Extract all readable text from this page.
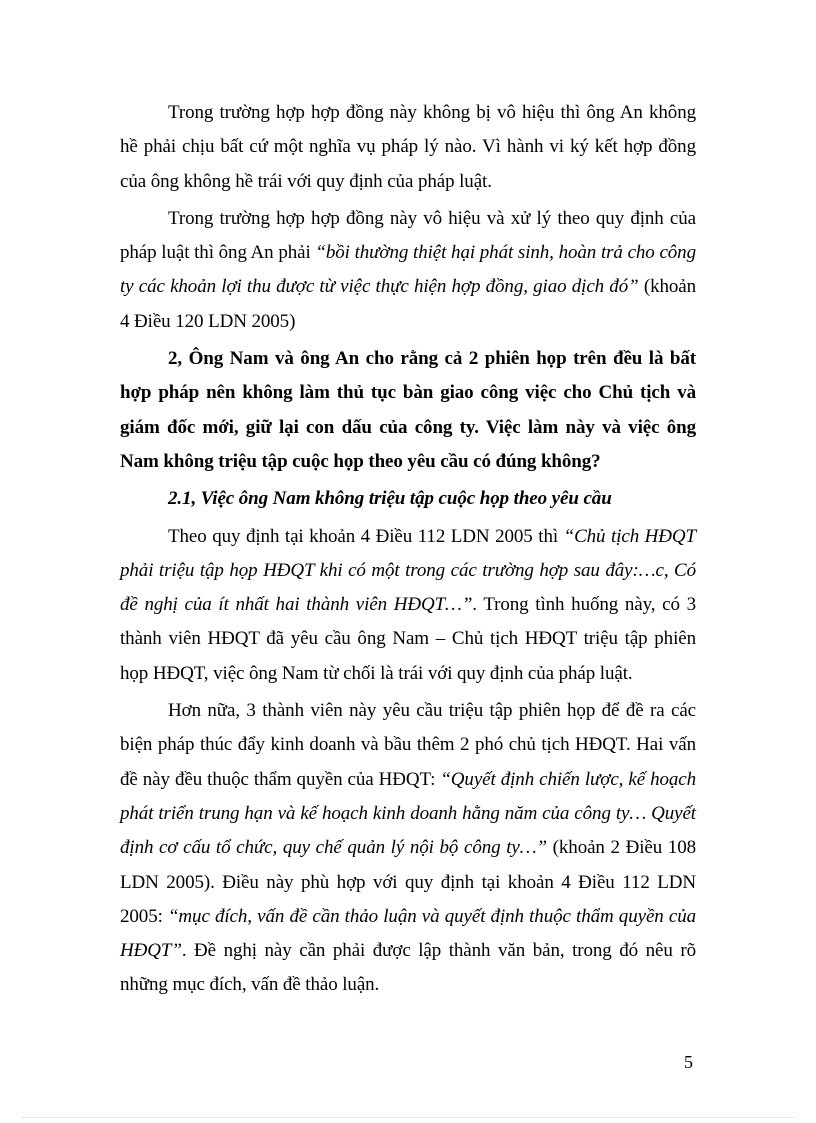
Trong trường hợp hợp đồng này không bị vô hiệu thì ông An không hề phải chịu bất cứ một nghĩa vụ pháp lý nào. Vì hành vi ký kết hợp đồng của ông không hề trái với quy định của pháp luật.

Trong trường hợp hợp đồng này vô hiệu và xử lý theo quy định của pháp luật thì ông An phải “bồi thường thiệt hại phát sinh, hoàn trả cho công ty các khoản lợi thu được từ việc thực hiện hợp đồng, giao dịch đó” (khoản 4 Điều 120 LDN 2005)

2, Ông Nam và ông An cho rằng cả 2 phiên họp trên đều là bất hợp pháp nên không làm thủ tục bàn giao công việc cho Chủ tịch và giám đốc mới, giữ lại con dấu của công ty. Việc làm này và việc ông Nam không triệu tập cuộc họp theo yêu cầu có đúng không?

2.1, Việc ông Nam không triệu tập cuộc họp theo yêu cầu

Theo quy định tại khoản 4 Điều 112 LDN 2005 thì “Chủ tịch HĐQT phải triệu tập họp HĐQT khi có một trong các trường hợp sau đây:…c, Có đề nghị của ít nhất hai thành viên HĐQT…”. Trong tình huống này, có 3 thành viên HĐQT đã yêu cầu ông Nam – Chủ tịch HĐQT triệu tập phiên họp HĐQT, việc ông Nam từ chối là trái với quy định của pháp luật.

Hơn nữa, 3 thành viên này yêu cầu triệu tập phiên họp để đề ra các biện pháp thúc đẩy kinh doanh và bầu thêm 2 phó chủ tịch HĐQT. Hai vấn đề này đều thuộc thẩm quyền của HĐQT: “Quyết định chiến lược, kế hoạch phát triển trung hạn và kế hoạch kinh doanh hằng năm của công ty… Quyết định cơ cấu tổ chức, quy chế quản lý nội bộ công ty…” (khoản 2 Điều 108 LDN 2005). Điều này phù hợp với quy định tại khoản 4 Điều 112 LDN 2005: “mục đích, vấn đề cần thảo luận và quyết định thuộc thẩm quyền của HĐQT”. Đề nghị này cần phải được lập thành văn bản, trong đó nêu rõ những mục đích, vấn đề thảo luận.

5
